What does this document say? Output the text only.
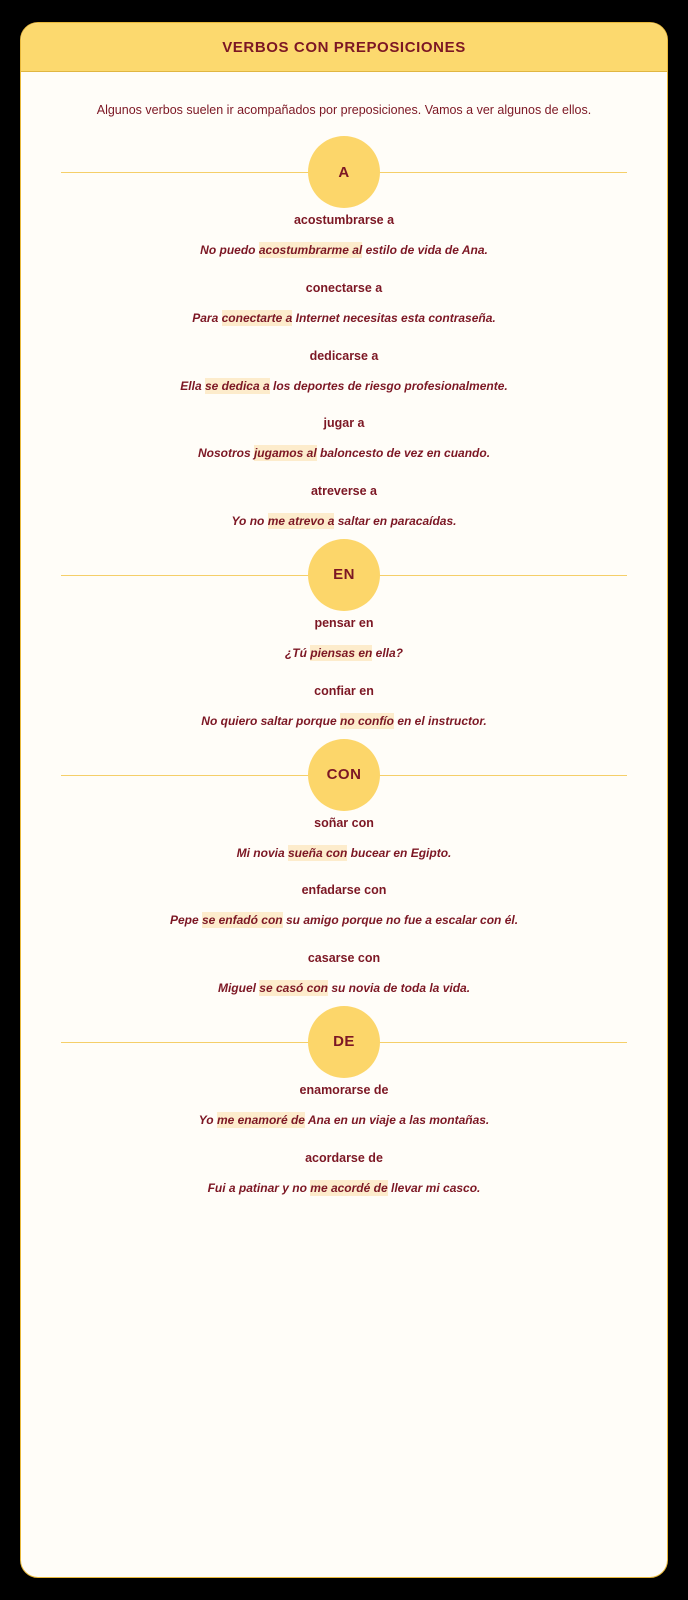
VERBOS CON PREPOSICIONES

Algunos verbos suelen ir acompañados por preposiciones. Vamos a ver algunos de ellos.

A
acostumbrarse a
No puedo acostumbrarme al estilo de vida de Ana.
conectarse a
Para conectarte a Internet necesitas esta contraseña.
dedicarse a
Ella se dedica a los deportes de riesgo profesionalmente.
jugar a
Nosotros jugamos al baloncesto de vez en cuando.
atreverse a
Yo no me atrevo a saltar en paracaídas.
EN
pensar en
¿Tú piensas en ella?
confiar en
No quiero saltar porque no confío en el instructor.
CON
soñar con
Mi novia sueña con bucear en Egipto.
enfadarse con
Pepe se enfadó con su amigo porque no fue a escalar con él.
casarse con
Miguel se casó con su novia de toda la vida.
DE
enamorarse de
Yo me enamoré de Ana en un viaje a las montañas.
acordarse de
Fui a patinar y no me acordé de llevar mi casco.
